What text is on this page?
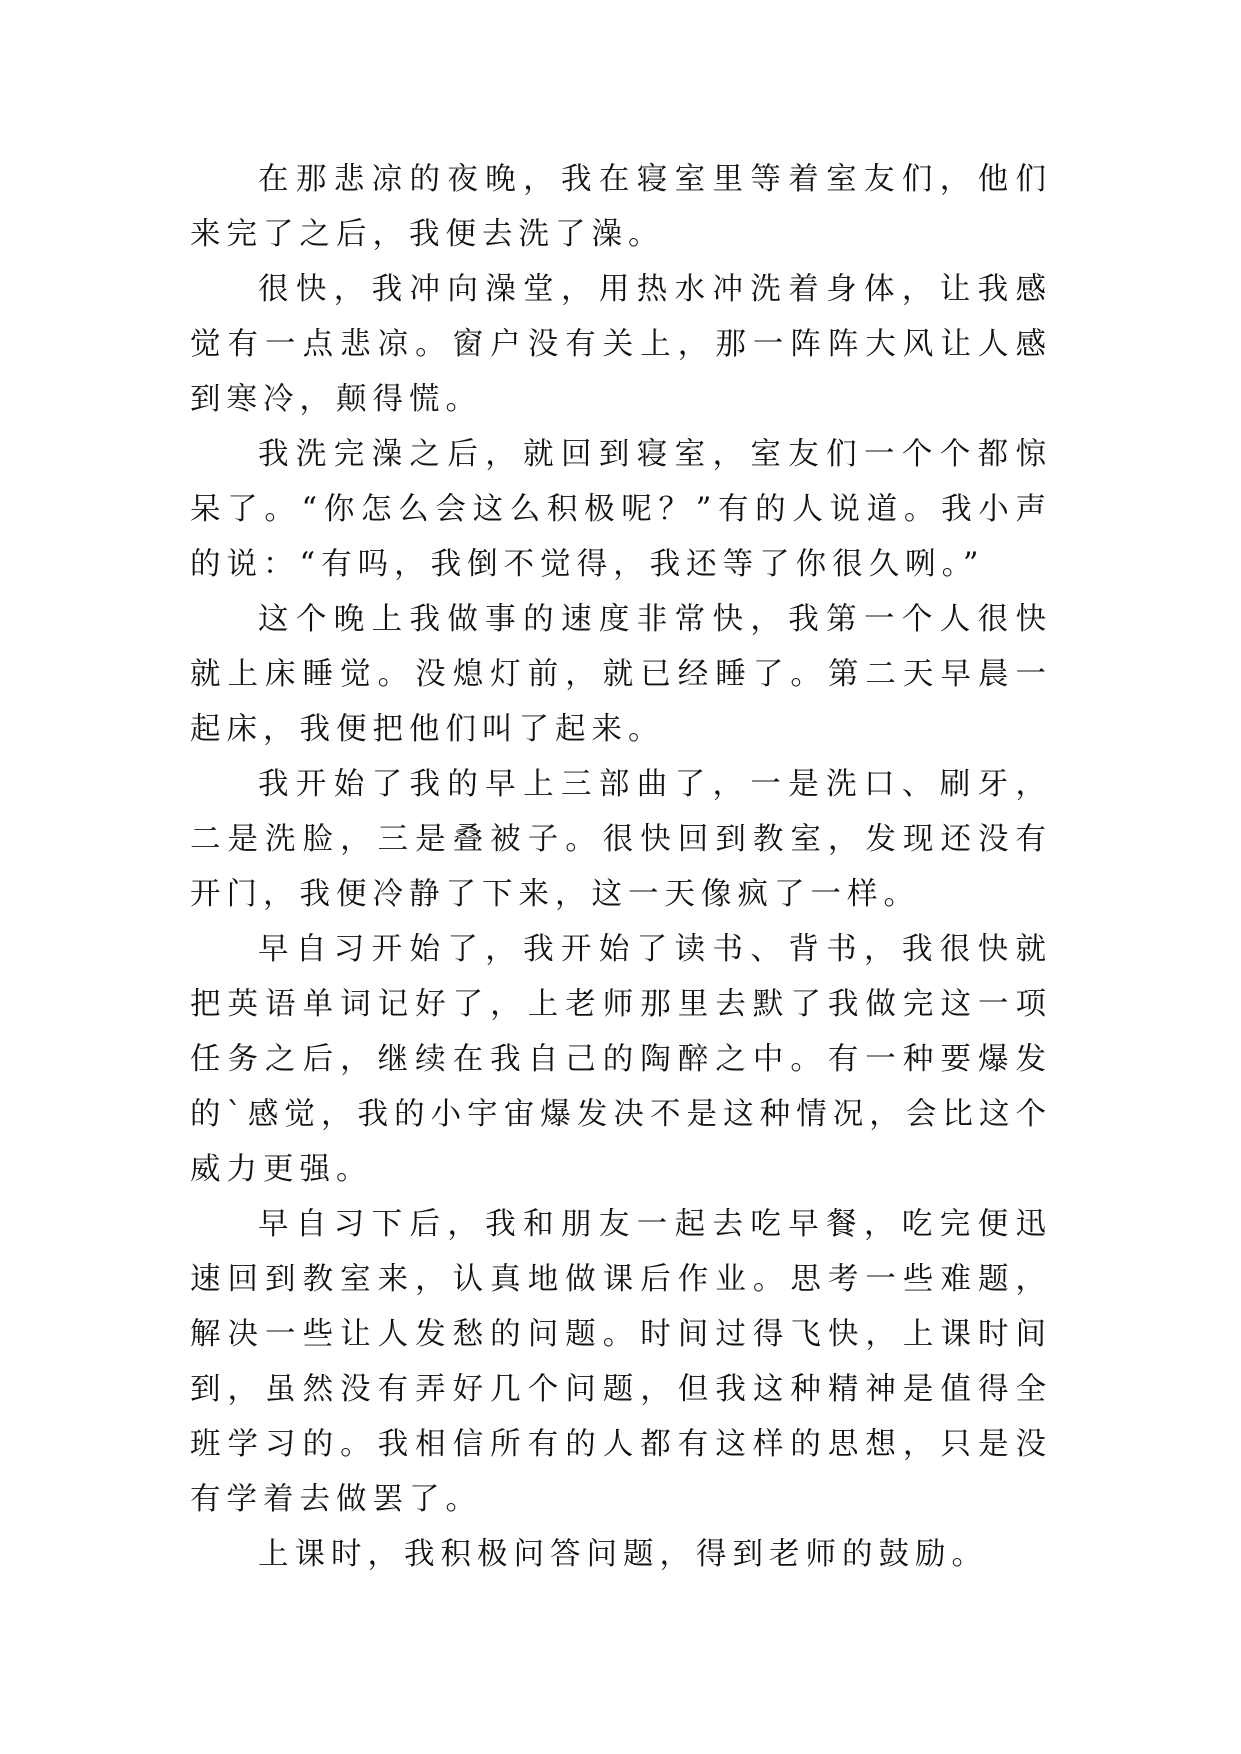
在那悲凉的夜晚，我在寝室里等着室友们，他们来完了之后，我便去洗了澡。

很快，我冲向澡堂，用热水冲洗着身体，让我感觉有一点悲凉。窗户没有关上，那一阵阵大风让人感到寒冷，颠得慌。

我洗完澡之后，就回到寝室，室友们一个个都惊呆了。“你怎么会这么积极呢？”有的人说道。我小声的说：“有吗，我倒不觉得，我还等了你很久咧。”

这个晚上我做事的速度非常快，我第一个人很快就上床睡觉。没熄灯前，就已经睡了。第二天早晨一起床，我便把他们叫了起来。

我开始了我的早上三部曲了，一是洗口、刷牙，二是洗脸，三是叠被子。很快回到教室，发现还没有开门，我便冷静了下来，这一天像疯了一样。

早自习开始了，我开始了读书、背书，我很快就把英语单词记好了，上老师那里去默了我做完这一项任务之后，继续在我自己的陶醉之中。有一种要爆发的`感觉，我的小宇宙爆发决不是这种情况，会比这个威力更强。

早自习下后，我和朋友一起去吃早餐，吃完便迅速回到教室来，认真地做课后作业。思考一些难题，解决一些让人发愁的问题。时间过得飞快，上课时间到，虽然没有弄好几个问题，但我这种精神是值得全班学习的。我相信所有的人都有这样的思想，只是没有学着去做罢了。

上课时，我积极问答问题，得到老师的鼓励。
